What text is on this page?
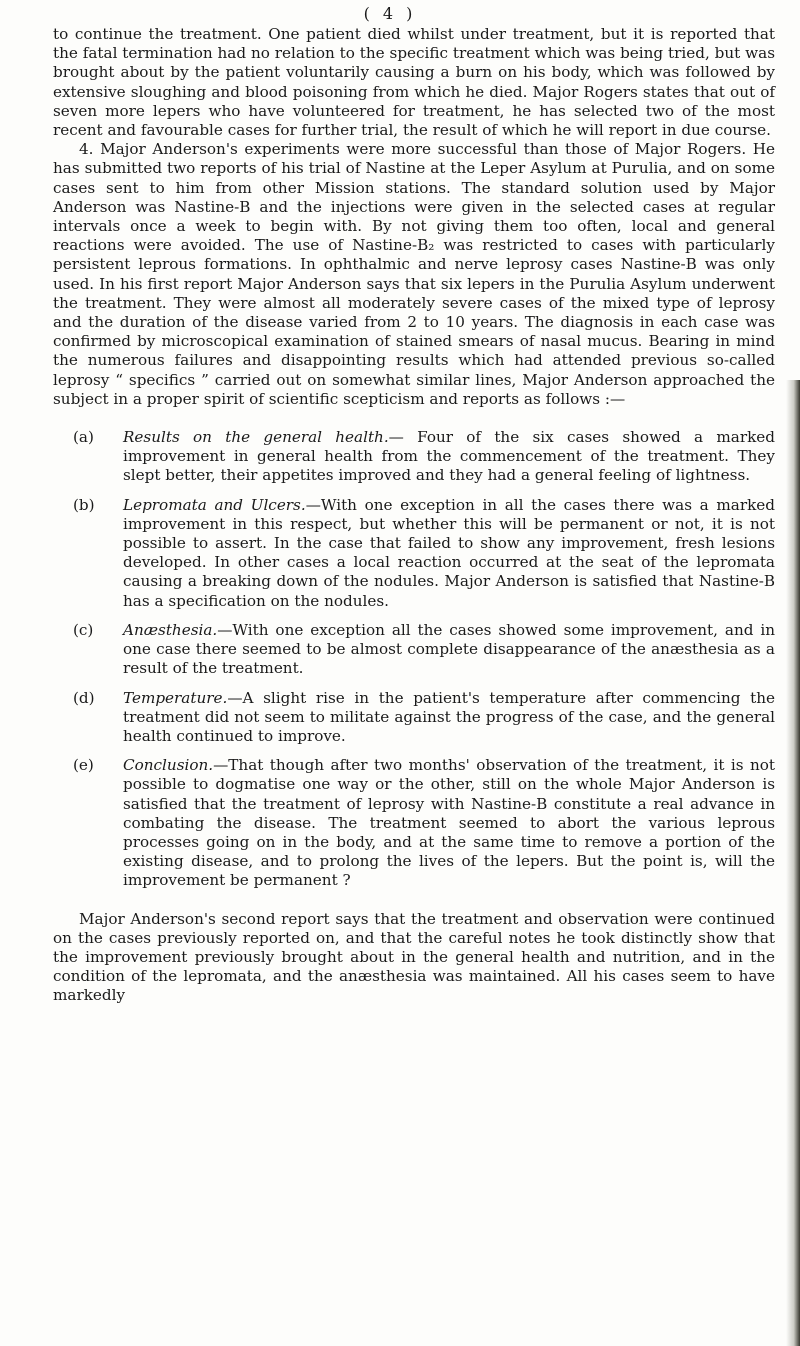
( 4 )

to continue the treatment. One patient died whilst under treatment, but it is reported that the fatal termination had no relation to the specific treatment which was being tried, but was brought about by the patient voluntarily causing a burn on his body, which was followed by extensive sloughing and blood poisoning from which he died. Major Rogers states that out of seven more lepers who have volunteered for treatment, he has selected two of the most recent and favourable cases for further trial, the result of which he will report in due course.

4. Major Anderson's experiments were more successful than those of Major Rogers. He has submitted two reports of his trial of Nastine at the Leper Asylum at Purulia, and on some cases sent to him from other Mission stations. The standard solution used by Major Anderson was Nastine-B and the injections were given in the selected cases at regular intervals once a week to begin with. By not giving them too often, local and general reactions were avoided. The use of Nastine-B₂ was restricted to cases with particularly persistent leprous formations. In ophthalmic and nerve leprosy cases Nastine-B was only used. In his first report Major Anderson says that six lepers in the Purulia Asylum underwent the treatment. They were almost all moderately severe cases of the mixed type of leprosy and the duration of the disease varied from 2 to 10 years. The diagnosis in each case was confirmed by microscopical examination of stained smears of nasal mucus. Bearing in mind the numerous failures and disappointing results which had attended previous so-called leprosy “ specifics ” carried out on somewhat similar lines, Major Anderson approached the subject in a proper spirit of scientific scepticism and reports as follows :—

(a)	Results on the general health.— Four of the six cases showed a marked improvement in general health from the commencement of the treatment. They slept better, their appetites improved and they had a general feeling of lightness.
(b)	Lepromata and Ulcers.—With one exception in all the cases there was a marked improvement in this respect, but whether this will be permanent or not, it is not possible to assert. In the case that failed to show any improvement, fresh lesions developed. In other cases a local reaction occurred at the seat of the lepromata causing a breaking down of the nodules. Major Anderson is satisfied that Nastine-B has a specification on the nodules.
(c)	Anæsthesia.—With one exception all the cases showed some improvement, and in one case there seemed to be almost complete disappearance of the anæsthesia as a result of the treatment.
(d)	Temperature.—A slight rise in the patient's temperature after commencing the treatment did not seem to militate against the progress of the case, and the general health continued to improve.
(e)	Conclusion.—That though after two months' observation of the treatment, it is not possible to dogmatise one way or the other, still on the whole Major Anderson is satisfied that the treatment of leprosy with Nastine-B constitute a real advance in combating the disease. The treatment seemed to abort the various leprous processes going on in the body, and at the same time to remove a portion of the existing disease, and to prolong the lives of the lepers. But the point is, will the improvement be permanent ?

Major Anderson's second report says that the treatment and observation were continued on the cases previously reported on, and that the careful notes he took distinctly show that the improvement previously brought about in the general health and nutrition, and in the condition of the lepromata, and the anæsthesia was maintained. All his cases seem to have markedly
